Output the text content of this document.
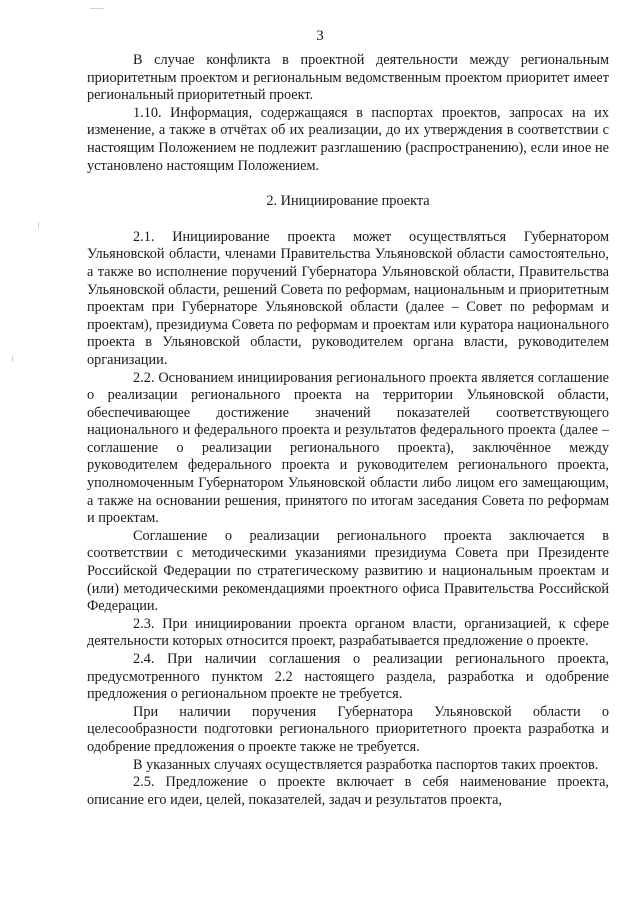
3

В случае конфликта в проектной деятельности между региональным приоритетным проектом и региональным ведомственным проектом приоритет имеет региональный приоритетный проект.

1.10. Информация, содержащаяся в паспортах проектов, запросах на их изменение, а также в отчётах об их реализации, до их утверждения в соответствии с настоящим Положением не подлежит разглашению (распространению), если иное не установлено настоящим Положением.

2. Инициирование проекта

2.1. Инициирование проекта может осуществляться Губернатором Ульяновской области, членами Правительства Ульяновской области самостоятельно, а также во исполнение поручений Губернатора Ульяновской области, Правительства Ульяновской области, решений Совета по реформам, национальным и приоритетным проектам при Губернаторе Ульяновской области (далее – Совет по реформам и проектам), президиума Совета по реформам и проектам или куратора национального проекта в Ульяновской области, руководителем органа власти, руководителем организации.

2.2. Основанием инициирования регионального проекта является соглашение о реализации регионального проекта на территории Ульяновской области, обеспечивающее достижение значений показателей соответствующего национального и федерального проекта и результатов федерального проекта (далее – соглашение о реализации регионального проекта), заключённое между руководителем федерального проекта и руководителем регионального проекта, уполномоченным Губернатором Ульяновской области либо лицом его замещающим, а также на основании решения, принятого по итогам заседания Совета по реформам и проектам.

Соглашение о реализации регионального проекта заключается в соответствии с методическими указаниями президиума Совета при Президенте Российской Федерации по стратегическому развитию и национальным проектам и (или) методическими рекомендациями проектного офиса Правительства Российской Федерации.

2.3. При инициировании проекта органом власти, организацией, к сфере деятельности которых относится проект, разрабатывается предложение о проекте.

2.4. При наличии соглашения о реализации регионального проекта, предусмотренного пунктом 2.2 настоящего раздела, разработка и одобрение предложения о региональном проекте не требуется.

При наличии поручения Губернатора Ульяновской области о целесообразности подготовки регионального приоритетного проекта разработка и одобрение предложения о проекте также не требуется.

В указанных случаях осуществляется разработка паспортов таких проектов.

2.5. Предложение о проекте включает в себя наименование проекта, описание его идеи, целей, показателей, задач и результатов проекта,
